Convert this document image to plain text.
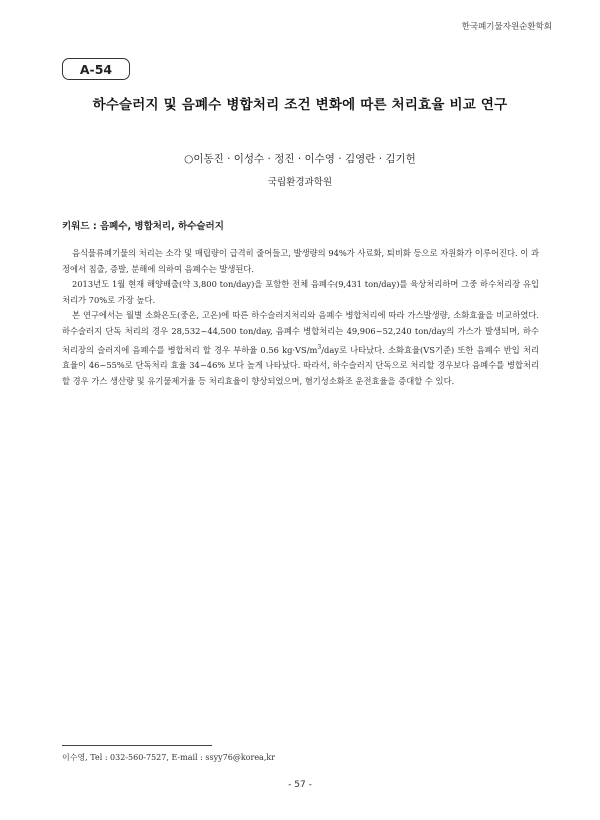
한국폐기물자원순환학회
A-54
하수슬러지 및 음폐수 병합처리 조건 변화에 따른 처리효율 비교 연구
○이동진 · 이성수 · 정진 · 이수영 · 김영란 · 김기헌
국립환경과학원
키워드 : 음폐수, 병합처리, 하수슬러지

음식물류폐기물의 처리는 소각 및 매립량이 급격히 줄어들고, 발생량의 94%가 사료화, 퇴비화 등으로 자원화가 이루어진다. 이 과정에서 침출, 증발, 분해에 의하여 음폐수는 발생된다.

2013년도 1월 현재 해양배출(약 3,800 ton/day)을 포함한 전체 음폐수(9,431 ton/day)를 육상처리하며 그중 하수처리장 유입처리가 70%로 가장 높다.

본 연구에서는 월별 소화온도(중온, 고온)에 따른 하수슬러지처리와 음폐수 병합처리에 따라 가스발생량, 소화효율을 비교하였다. 하수슬러지 단독 처리의 경우 28,532~44,500 ton/day, 음폐수 병합처리는 49,906~52,240 ton/day의 가스가 발생되며, 하수처리장의 슬러지에 음폐수를 병합처리 할 경우 부하율 0.56 $kg\cdot VS/m^3$/day로 나타났다. 소화효율(VS기준) 또한 음폐수 반입 처리 효율이 46~55%로 단독처리 효율 34~46% 보다 높게 나타났다. 따라서, 하수슬러지 단독으로 처리할 경우보다 음폐수를 병합처리 할 경우 가스 생산량 및 유기물제거율 등 처리효율이 향상되었으며, 혐기성소화조 운전효율을 증대할 수 있다.

이수영, Tel : 032-560-7527, E-mail : ssyy76@korea,kr
- 57 -
